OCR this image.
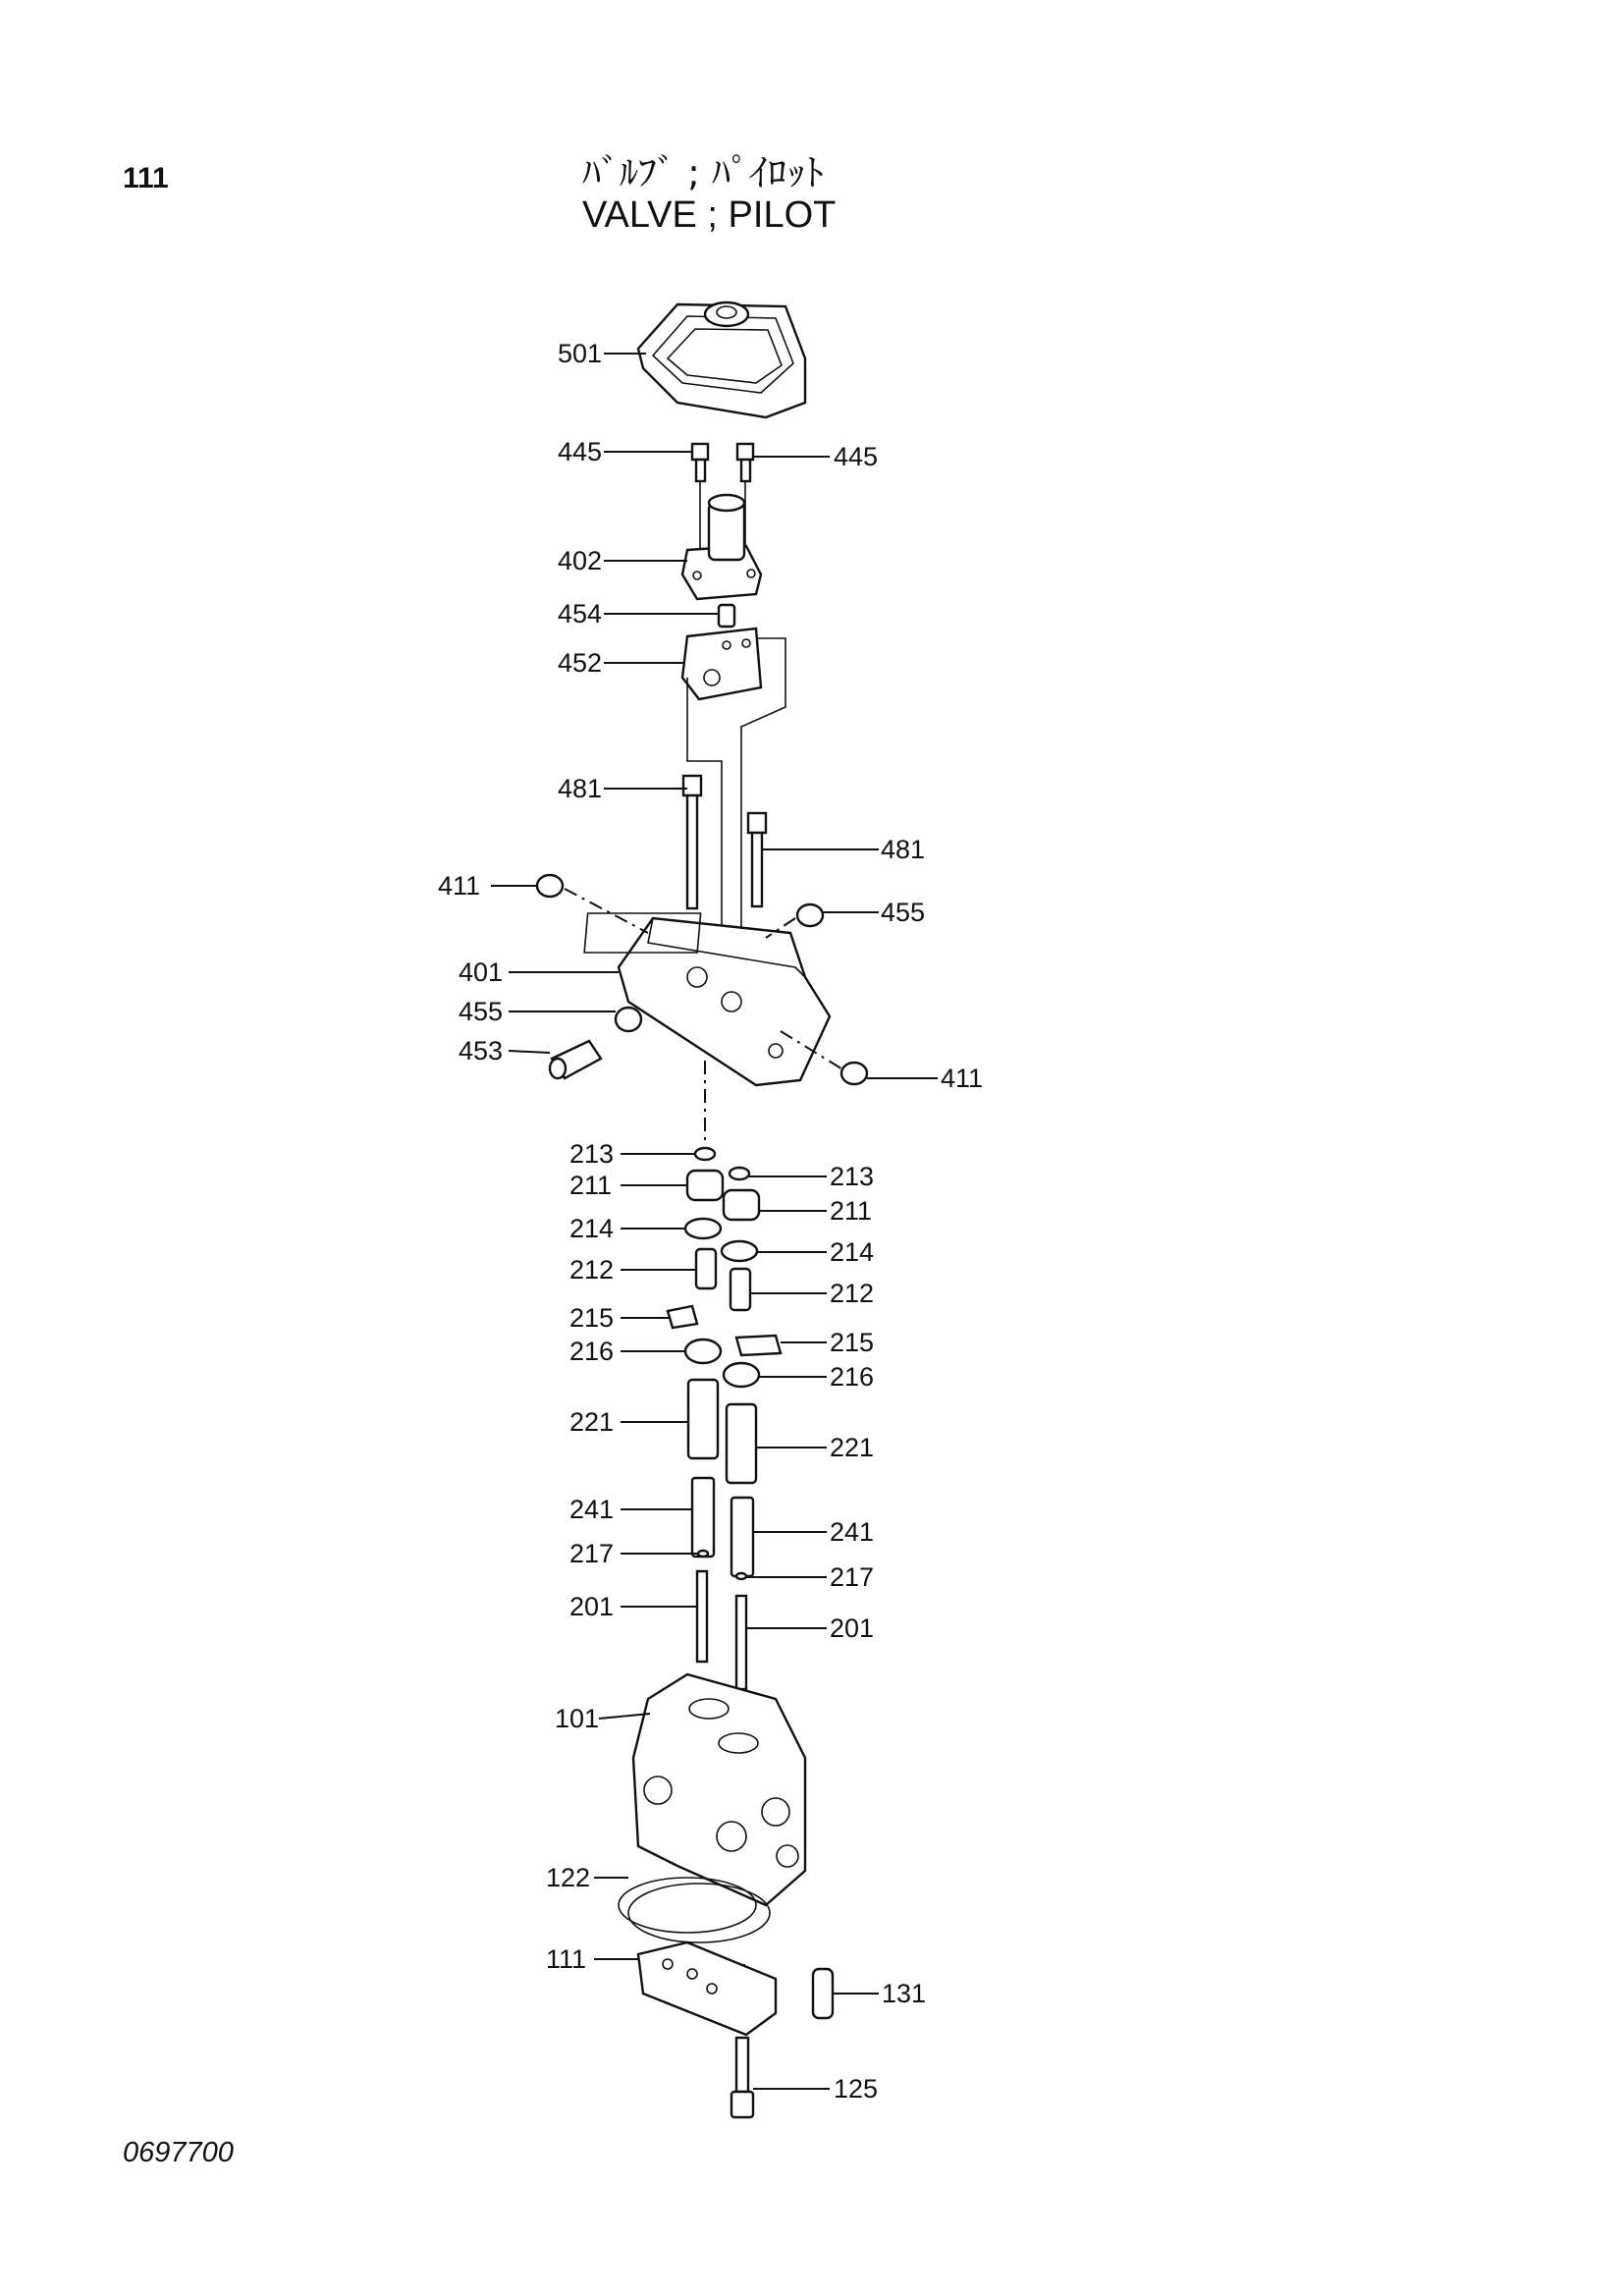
111	ﾊﾞﾙﾌﾞ ; ﾊﾟｲﾛｯﾄ
VALVE ; PILOT
0697700
501
445	445
402
454
452
481
481
411
455
401
455
453
411
213
213
211
211
214
214
212
212
215
215
216
216
221
221
241
241
217
217
201
201
101
122
111
131
125
